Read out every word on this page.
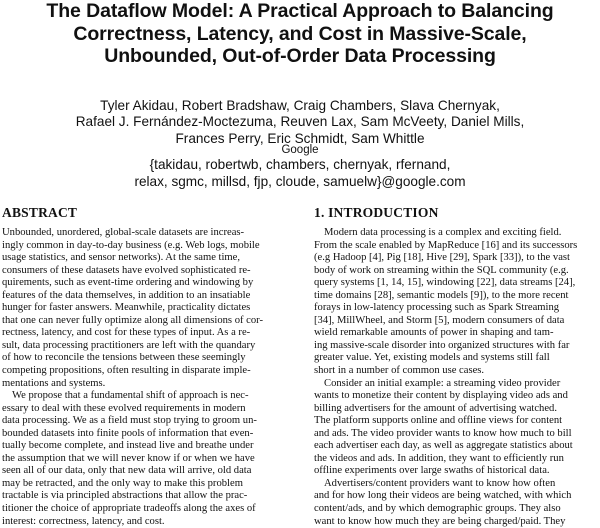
The Dataflow Model: A Practical Approach to Balancing
Correctness, Latency, and Cost in Massive-Scale,
Unbounded, Out-of-Order Data Processing
Tyler Akidau, Robert Bradshaw, Craig Chambers, Slava Chernyak,
Rafael J. Fernández-Moctezuma, Reuven Lax, Sam McVeety, Daniel Mills,
Frances Perry, Eric Schmidt, Sam Whittle
Google
{takidau, robertwb, chambers, chernyak, rfernand,
relax, sgmc, millsd, fjp, cloude, samuelw}@google.com
ABSTRACT

Unbounded, unordered, global-scale datasets are increas-
ingly common in day-to-day business (e.g. Web logs, mobile
usage statistics, and sensor networks). At the same time,
consumers of these datasets have evolved sophisticated re-
quirements, such as event-time ordering and windowing by
features of the data themselves, in addition to an insatiable
hunger for faster answers. Meanwhile, practicality dictates
that one can never fully optimize along all dimensions of cor-
rectness, latency, and cost for these types of input. As a re-
sult, data processing practitioners are left with the quandary
of how to reconcile the tensions between these seemingly
competing propositions, often resulting in disparate imple-
mentations and systems.

We propose that a fundamental shift of approach is nec-
essary to deal with these evolved requirements in modern
data processing. We as a field must stop trying to groom un-
bounded datasets into finite pools of information that even-
tually become complete, and instead live and breathe under
the assumption that we will never know if or when we have
seen all of our data, only that new data will arrive, old data
may be retracted, and the only way to make this problem
tractable is via principled abstractions that allow the prac-
titioner the choice of appropriate tradeoffs along the axes of
interest: correctness, latency, and cost.

1. INTRODUCTION

Modern data processing is a complex and exciting field.
From the scale enabled by MapReduce [16] and its successors
(e.g Hadoop [4], Pig [18], Hive [29], Spark [33]), to the vast
body of work on streaming within the SQL community (e.g.
query systems [1, 14, 15], windowing [22], data streams [24],
time domains [28], semantic models [9]), to the more recent
forays in low-latency processing such as Spark Streaming
[34], MillWheel, and Storm [5], modern consumers of data
wield remarkable amounts of power in shaping and tam-
ing massive-scale disorder into organized structures with far
greater value. Yet, existing models and systems still fall
short in a number of common use cases.

Consider an initial example: a streaming video provider
wants to monetize their content by displaying video ads and
billing advertisers for the amount of advertising watched.
The platform supports online and offline views for content
and ads. The video provider wants to know how much to bill
each advertiser each day, as well as aggregate statistics about
the videos and ads. In addition, they want to efficiently run
offline experiments over large swaths of historical data.

Advertisers/content providers want to know how often
and for how long their videos are being watched, with which
content/ads, and by which demographic groups. They also
want to know how much they are being charged/paid. They
